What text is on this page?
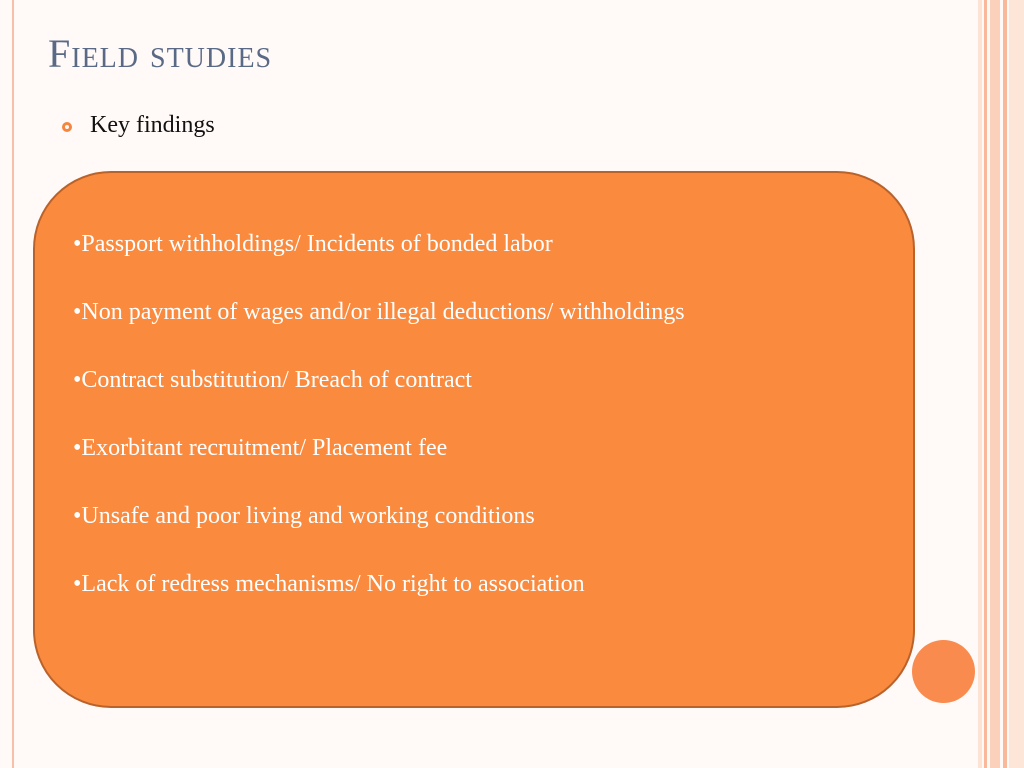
Field studies
Key findings
•Passport withholdings/ Incidents of bonded labor
•Non payment of wages and/or illegal deductions/ withholdings
•Contract substitution/ Breach of contract
•Exorbitant recruitment/ Placement fee
•Unsafe and poor living and working conditions
•Lack of redress mechanisms/ No right to association
